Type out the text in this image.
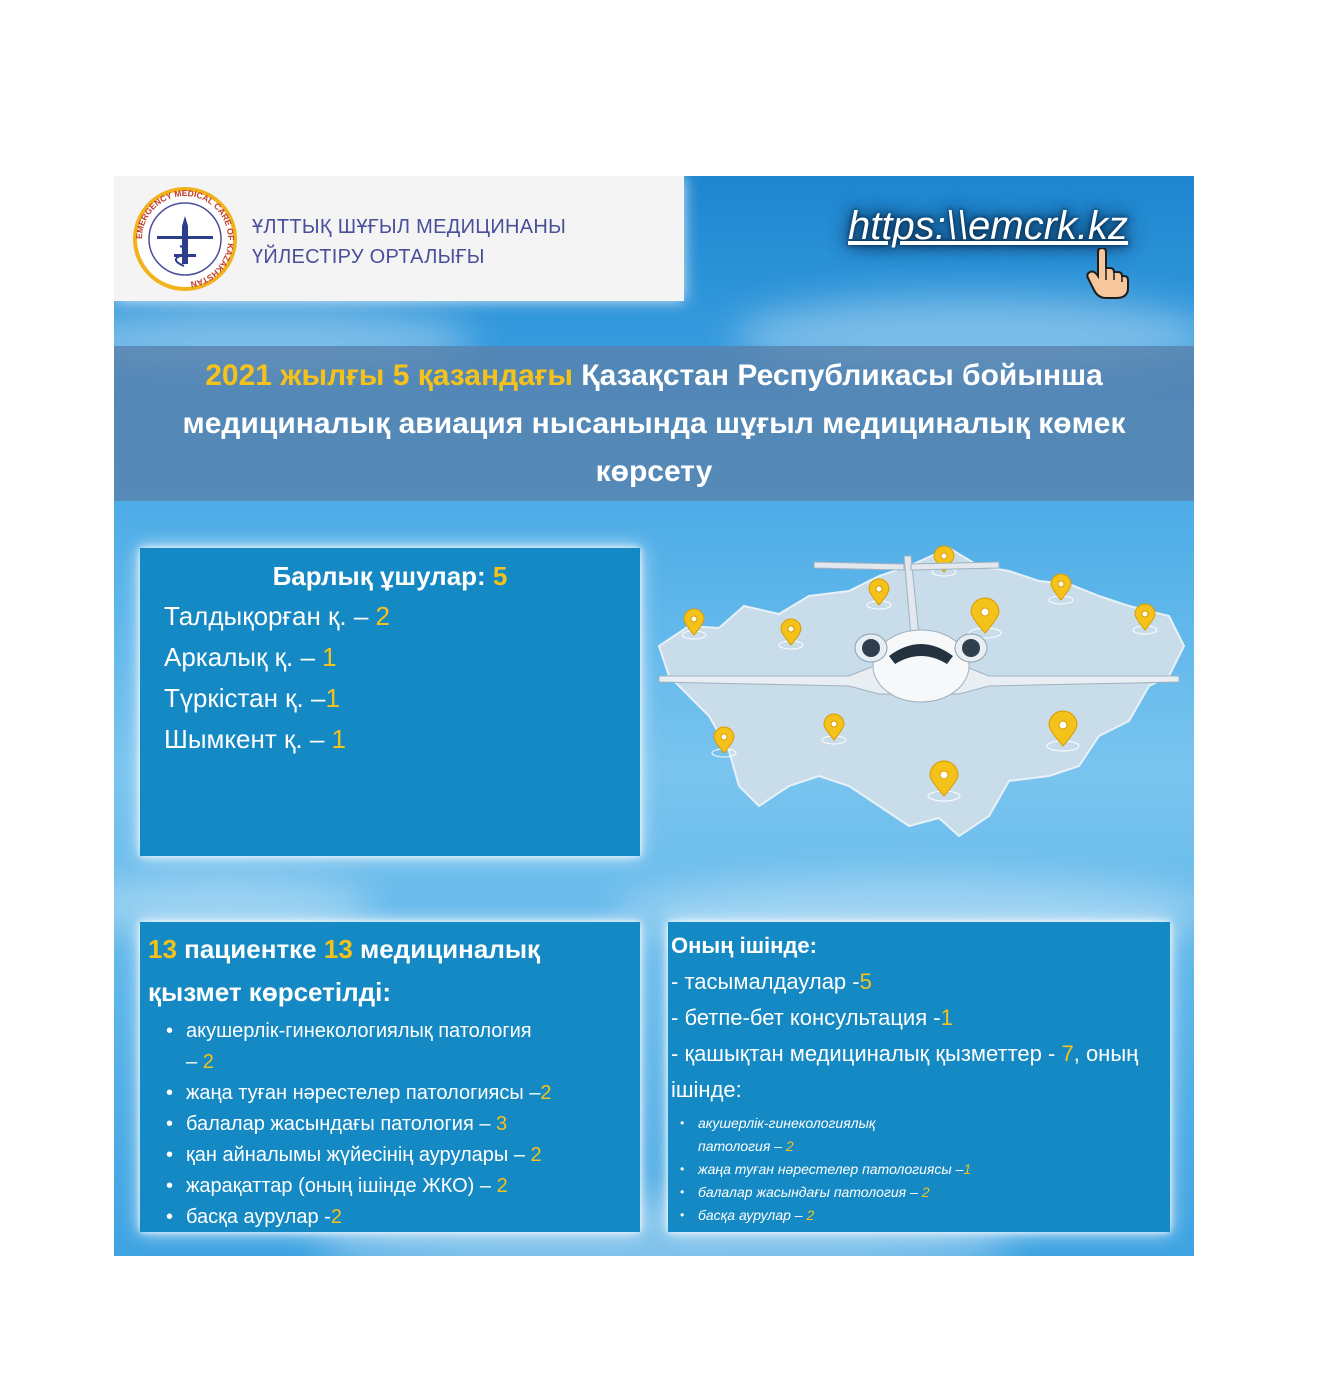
EMERGENCY MEDICAL CARE OF KAZAKHSTAN
ҰЛТТЫҚ ШҰҒЫЛ МЕДИЦИНАНЫ
ҮЙЛЕСТІРУ ОРТАЛЫҒЫ
https:\\emcrk.kz
2021 жылғы 5 қазандағы Қазақстан Республикасы бойынша медициналық авиация нысанында шұғыл медициналық көмек көрсету
Барлық ұшулар: 5
Талдықорған қ. – 2
Аркалық қ. – 1
Түркістан қ. –1
Шымкент қ. – 1
13 пациентке 13 медициналық қызмет көрсетілді:
• акушерлік-гинекологиялық патология – 2
• жаңа туған нәрестелер патологиясы –2
• балалар жасындағы патология – 3
• қан айналымы жүйесінің аурулары – 2
• жарақаттар (оның ішінде ЖКО) – 2
• басқа аурулар -2
Оның ішінде:
- тасымалдаулар -5
- бетпе-бет консультация -1
- қашықтан медициналық қызметтер - 7, оның ішінде:
• акушерлік-гинекологиялық патология – 2
• жаңа туған нәрестелер патологиясы –1
• балалар жасындағы патология – 2
• басқа аурулар – 2
